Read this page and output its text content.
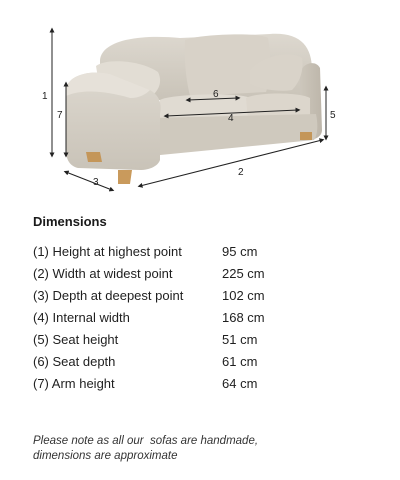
1
7	5
3
2
4
6
Dimensions
(1) Height at highest point	95 cm
(2) Width at widest point	225 cm
(3) Depth at deepest point	102 cm
(4) Internal width	168 cm
(5) Seat height	51 cm
(6) Seat depth	61 cm
(7) Arm height	64 cm
Please note as all our  sofas are handmade,
dimensions are approximate
